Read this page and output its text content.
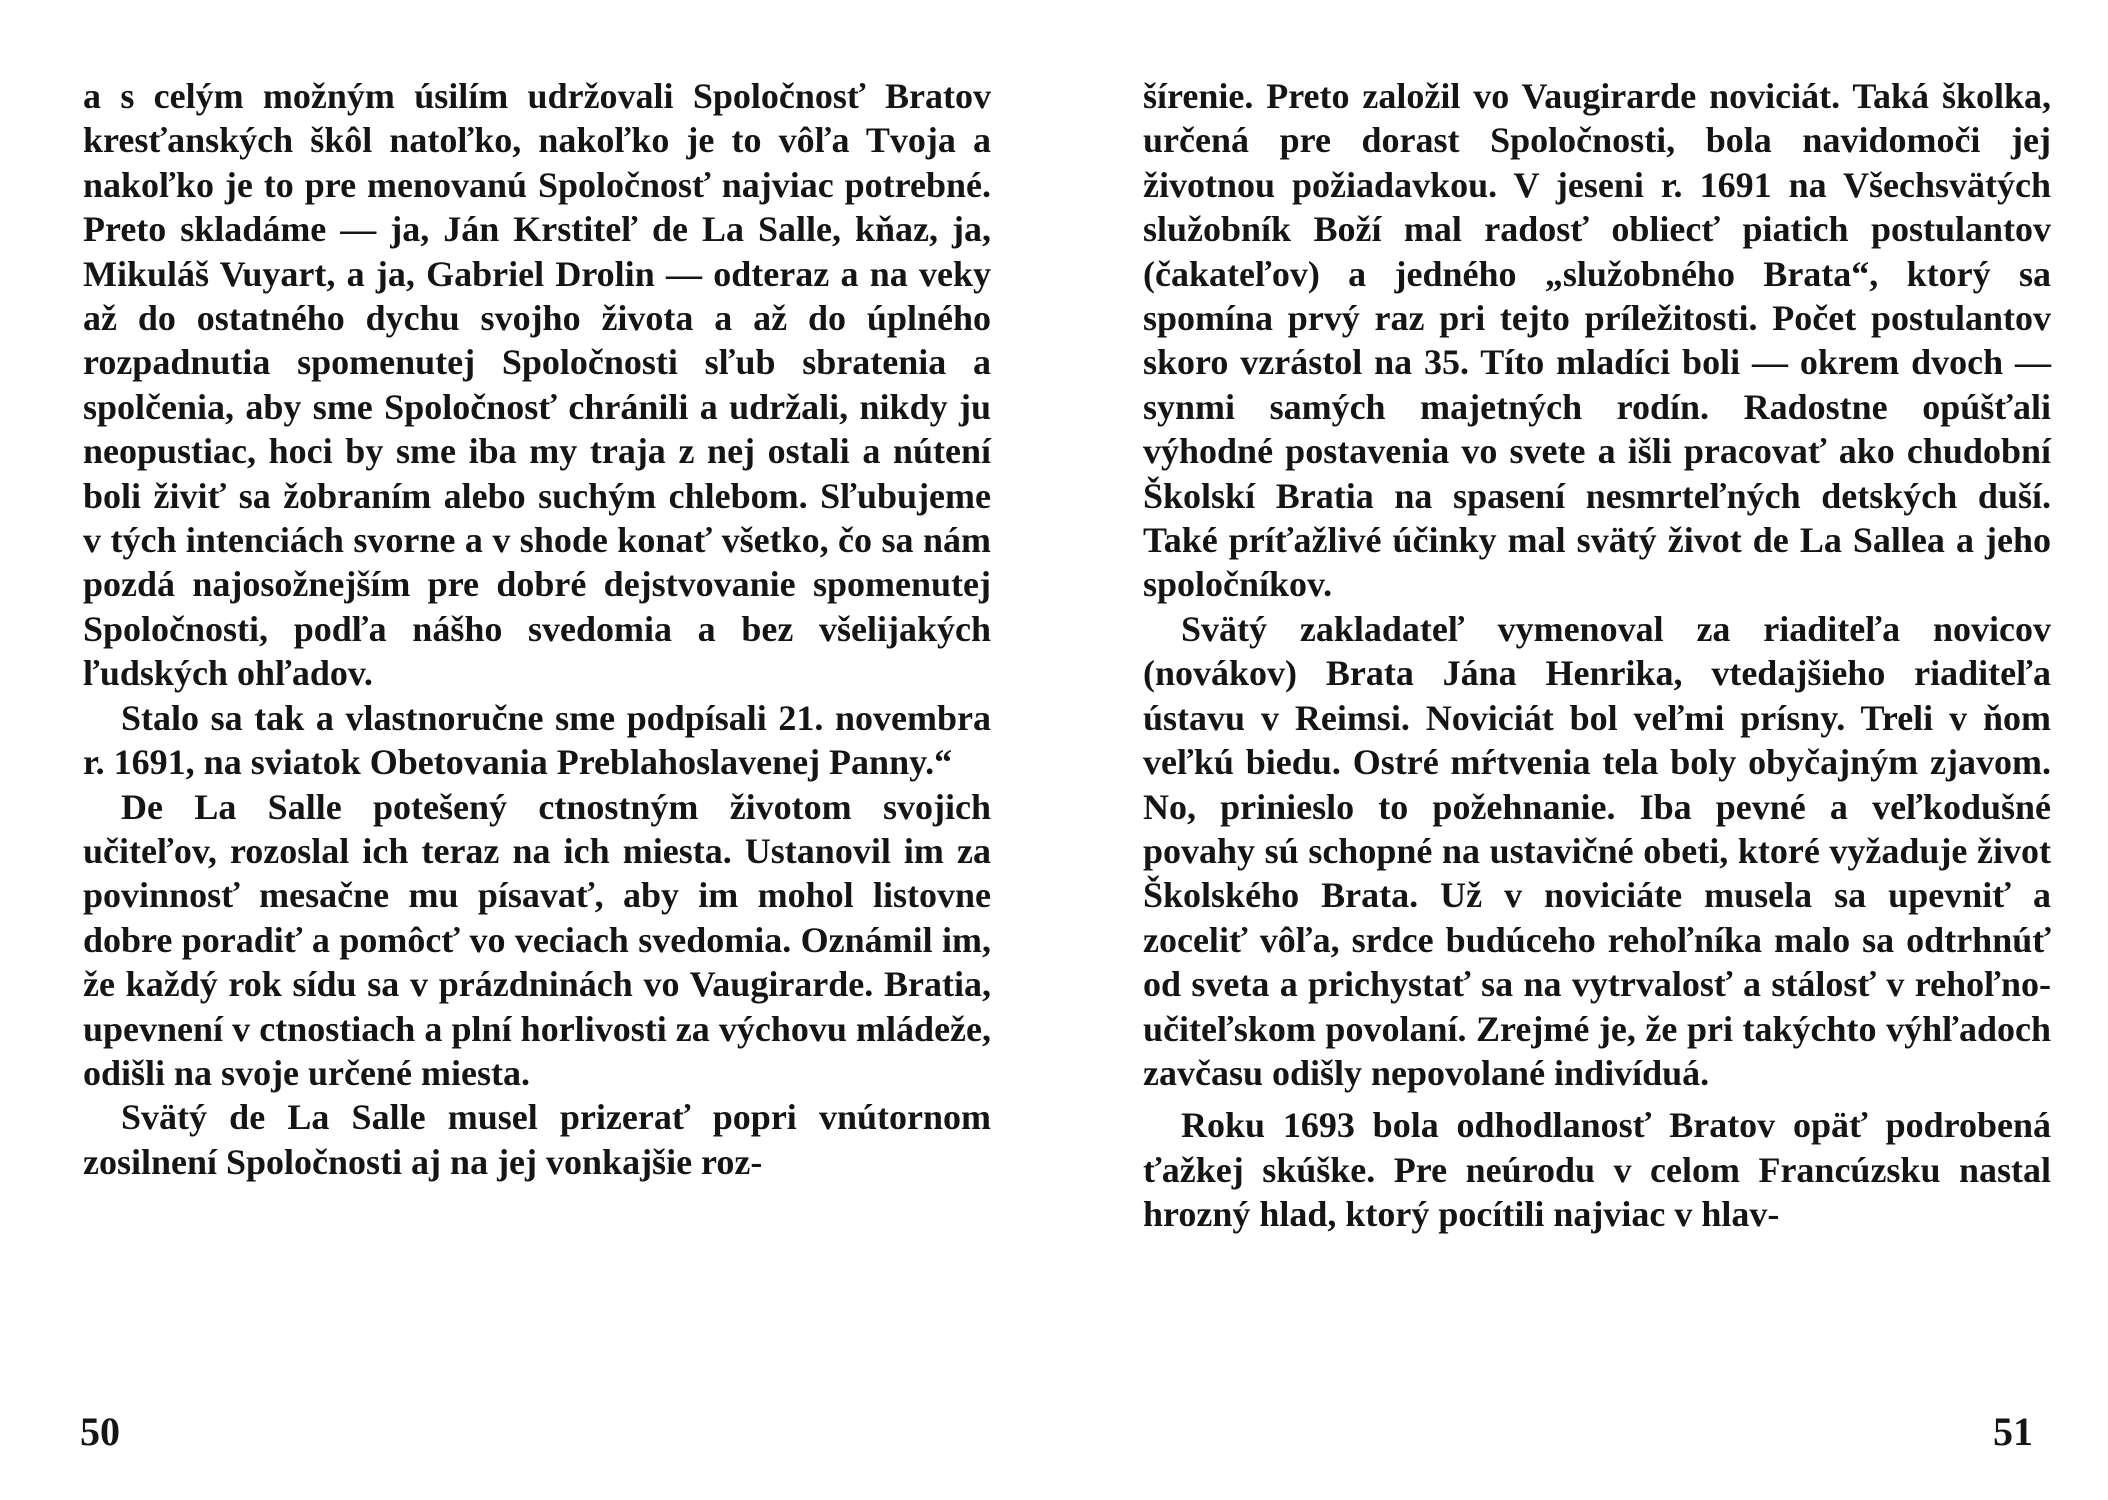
a s celým možným úsilím udržovali Spoločnosť Bratov kresťanských škôl natoľko, nakoľko je to vôľa Tvoja a nakoľko je to pre menovanú Spoločnosť najviac potrebné. Preto skladáme — ja, Ján Krstiteľ de La Salle, kňaz, ja, Mikuláš Vuyart, a ja, Gabriel Drolin — odteraz a na veky až do ostatného dychu svojho života a až do úplného rozpadnutia spomenutej Spoločnosti sľub sbratenia a spolčenia, aby sme Spoločnosť chránili a udržali, nikdy ju neopustiac, hoci by sme iba my traja z nej ostali a nútení boli živiť sa žobraním alebo suchým chlebom. Sľubujeme v tých intenciách svorne a v shode konať všetko, čo sa nám pozdá najosožnejším pre dobré dejstvovanie spomenutej Spoločnosti, podľa nášho svedomia a bez všelijakých ľudských ohľadov.

Stalo sa tak a vlastnoručne sme podpísali 21. novembra r. 1691, na sviatok Obetovania Preblahoslavenej Panny.“

De La Salle potešený ctnostným životom svojich učiteľov, rozoslal ich teraz na ich miesta. Ustanovil im za povinnosť mesačne mu písavať, aby im mohol listovne dobre poradiť a pomôcť vo veciach svedomia. Oznámil im, že každý rok sídu sa v prázdninách vo Vaugirarde. Bratia, upevnení v ctnostiach a plní horlivosti za výchovu mládeže, odišli na svoje určené miesta.

Svätý de La Salle musel prizerať popri vnútornom zosilnení Spoločnosti aj na jej vonkajšie roz-

50

šírenie. Preto založil vo Vaugirarde noviciát. Taká školka, určená pre dorast Spoločnosti, bola navidomoči jej životnou požiadavkou. V jeseni r. 1691 na Všechsvätých služobník Boží mal radosť obliecť piatich postulantov (čakateľov) a jedného „služobného Brata“, ktorý sa spomína prvý raz pri tejto príležitosti. Počet postulantov skoro vzrástol na 35. Títo mladíci boli — okrem dvoch — synmi samých majetných rodín. Radostne opúšťali výhodné postavenia vo svete a išli pracovať ako chudobní Školskí Bratia na spasení nesmrteľných detských duší. Také príťažlivé účinky mal svätý život de La Sallea a jeho spoločníkov.

Svätý zakladateľ vymenoval za riaditeľa novicov (novákov) Brata Jána Henrika, vtedajšieho riaditeľa ústavu v Reimsi. Noviciát bol veľmi prísny. Treli v ňom veľkú biedu. Ostré mŕtvenia tela boly obyčajným zjavom. No, prinieslo to požehnanie. Iba pevné a veľkodušné povahy sú schopné na ustavičné obeti, ktoré vyžaduje život Školského Brata. Už v noviciáte musela sa upevniť a zoceliť vôľa, srdce budúceho rehoľníka malo sa odtrhnúť od sveta a prichystať sa na vytrvalosť a stálosť v rehoľno-učiteľskom povolaní. Zrejmé je, že pri takýchto výhľadoch zavčasu odišly nepovolané indivíduá.

Roku 1693 bola odhodlanosť Bratov opäť podrobená ťažkej skúške. Pre neúrodu v celom Francúzsku nastal hrozný hlad, ktorý pocítili najviac v hlav-

51
